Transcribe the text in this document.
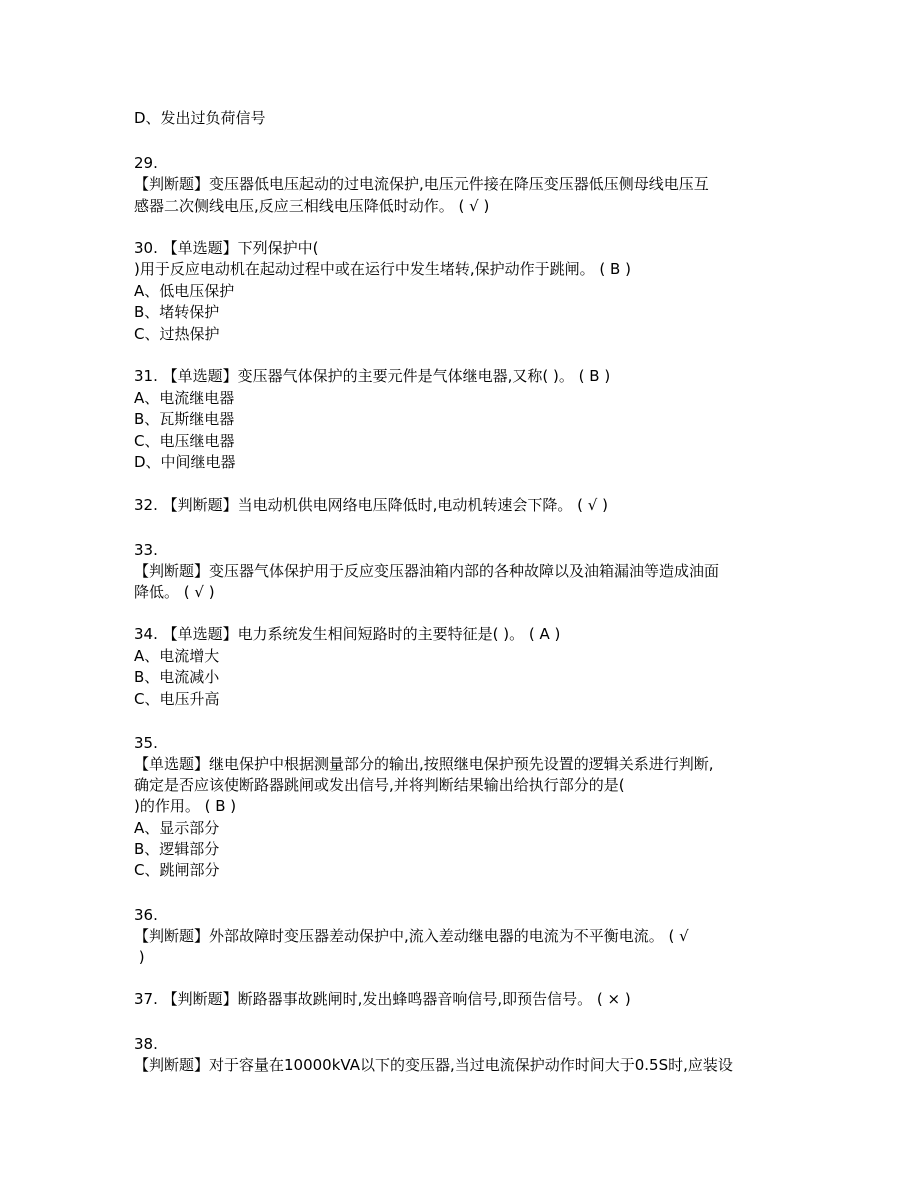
D、发出过负荷信号
29.
【判断题】变压器低电压起动的过电流保护,电压元件接在降压变压器低压侧母线电压互
感器二次侧线电压,反应三相线电压降低时动作。 ( √ )
30. 【单选题】下列保护中(
)用于反应电动机在起动过程中或在运行中发生堵转,保护动作于跳闸。 ( B )
A、低电压保护
B、堵转保护
C、过热保护
31. 【单选题】变压器气体保护的主要元件是气体继电器,又称( )。 ( B )
A、电流继电器
B、瓦斯继电器
C、电压继电器
D、中间继电器
32. 【判断题】当电动机供电网络电压降低时,电动机转速会下降。 ( √ )
33.
【判断题】变压器气体保护用于反应变压器油箱内部的各种故障以及油箱漏油等造成油面
降低。 ( √ )
34. 【单选题】电力系统发生相间短路时的主要特征是( )。 ( A )
A、电流增大
B、电流减小
C、电压升高
35.
【单选题】继电保护中根据测量部分的输出,按照继电保护预先设置的逻辑关系进行判断,
确定是否应该使断路器跳闸或发出信号,并将判断结果输出给执行部分的是(
)的作用。 ( B )
A、显示部分
B、逻辑部分
C、跳闸部分
36.
【判断题】外部故障时变压器差动保护中,流入差动继电器的电流为不平衡电流。 ( √
)
37. 【判断题】断路器事故跳闸时,发出蜂鸣器音响信号,即预告信号。 ( × )
38.
【判断题】对于容量在10000kVA以下的变压器,当过电流保护动作时间大于0.5S时,应装设
